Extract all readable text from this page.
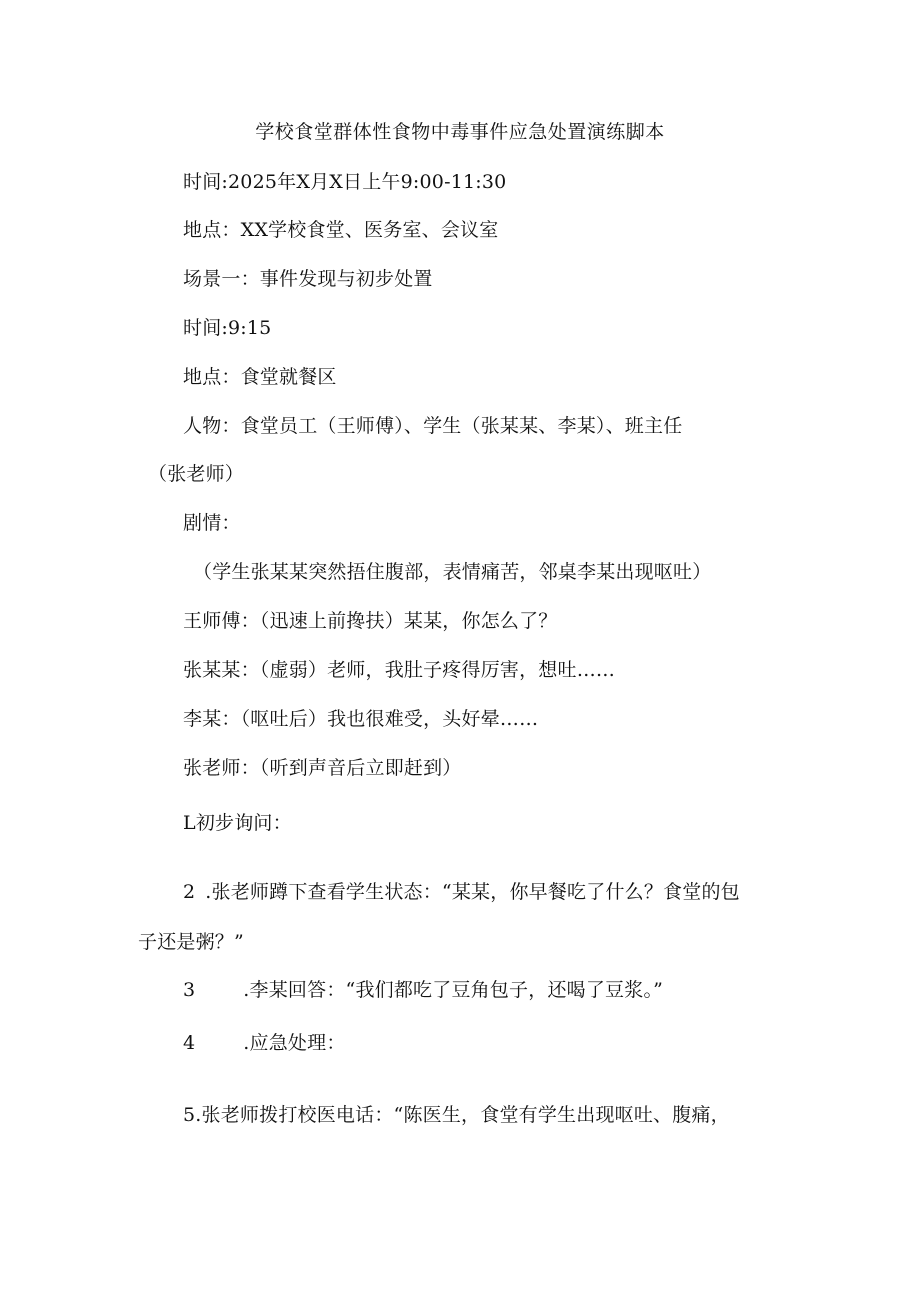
学校食堂群体性食物中毒事件应急处置演练脚本
时间:2025年X月X日上午9:00-11:30
地点：XX学校食堂、医务室、会议室
场景一：事件发现与初步处置
时间:9:15
地点：食堂就餐区
人物：食堂员工（王师傅）、学生（张某某、李某）、班主任
（张老师）
剧情：
（学生张某某突然捂住腹部，表情痛苦，邻桌李某出现呕吐）
王师傅：（迅速上前搀扶）某某，你怎么了？
张某某：（虚弱）老师，我肚子疼得厉害，想吐……
李某：（呕吐后）我也很难受，头好晕……
张老师：（听到声音后立即赶到）
L初步询问：
2 .张老师蹲下查看学生状态：“某某，你早餐吃了什么？食堂的包
子还是粥？”
3	.李某回答：“我们都吃了豆角包子，还喝了豆浆。”
4	.应急处理：
5.张老师拨打校医电话：“陈医生，食堂有学生出现呕吐、腹痛，
